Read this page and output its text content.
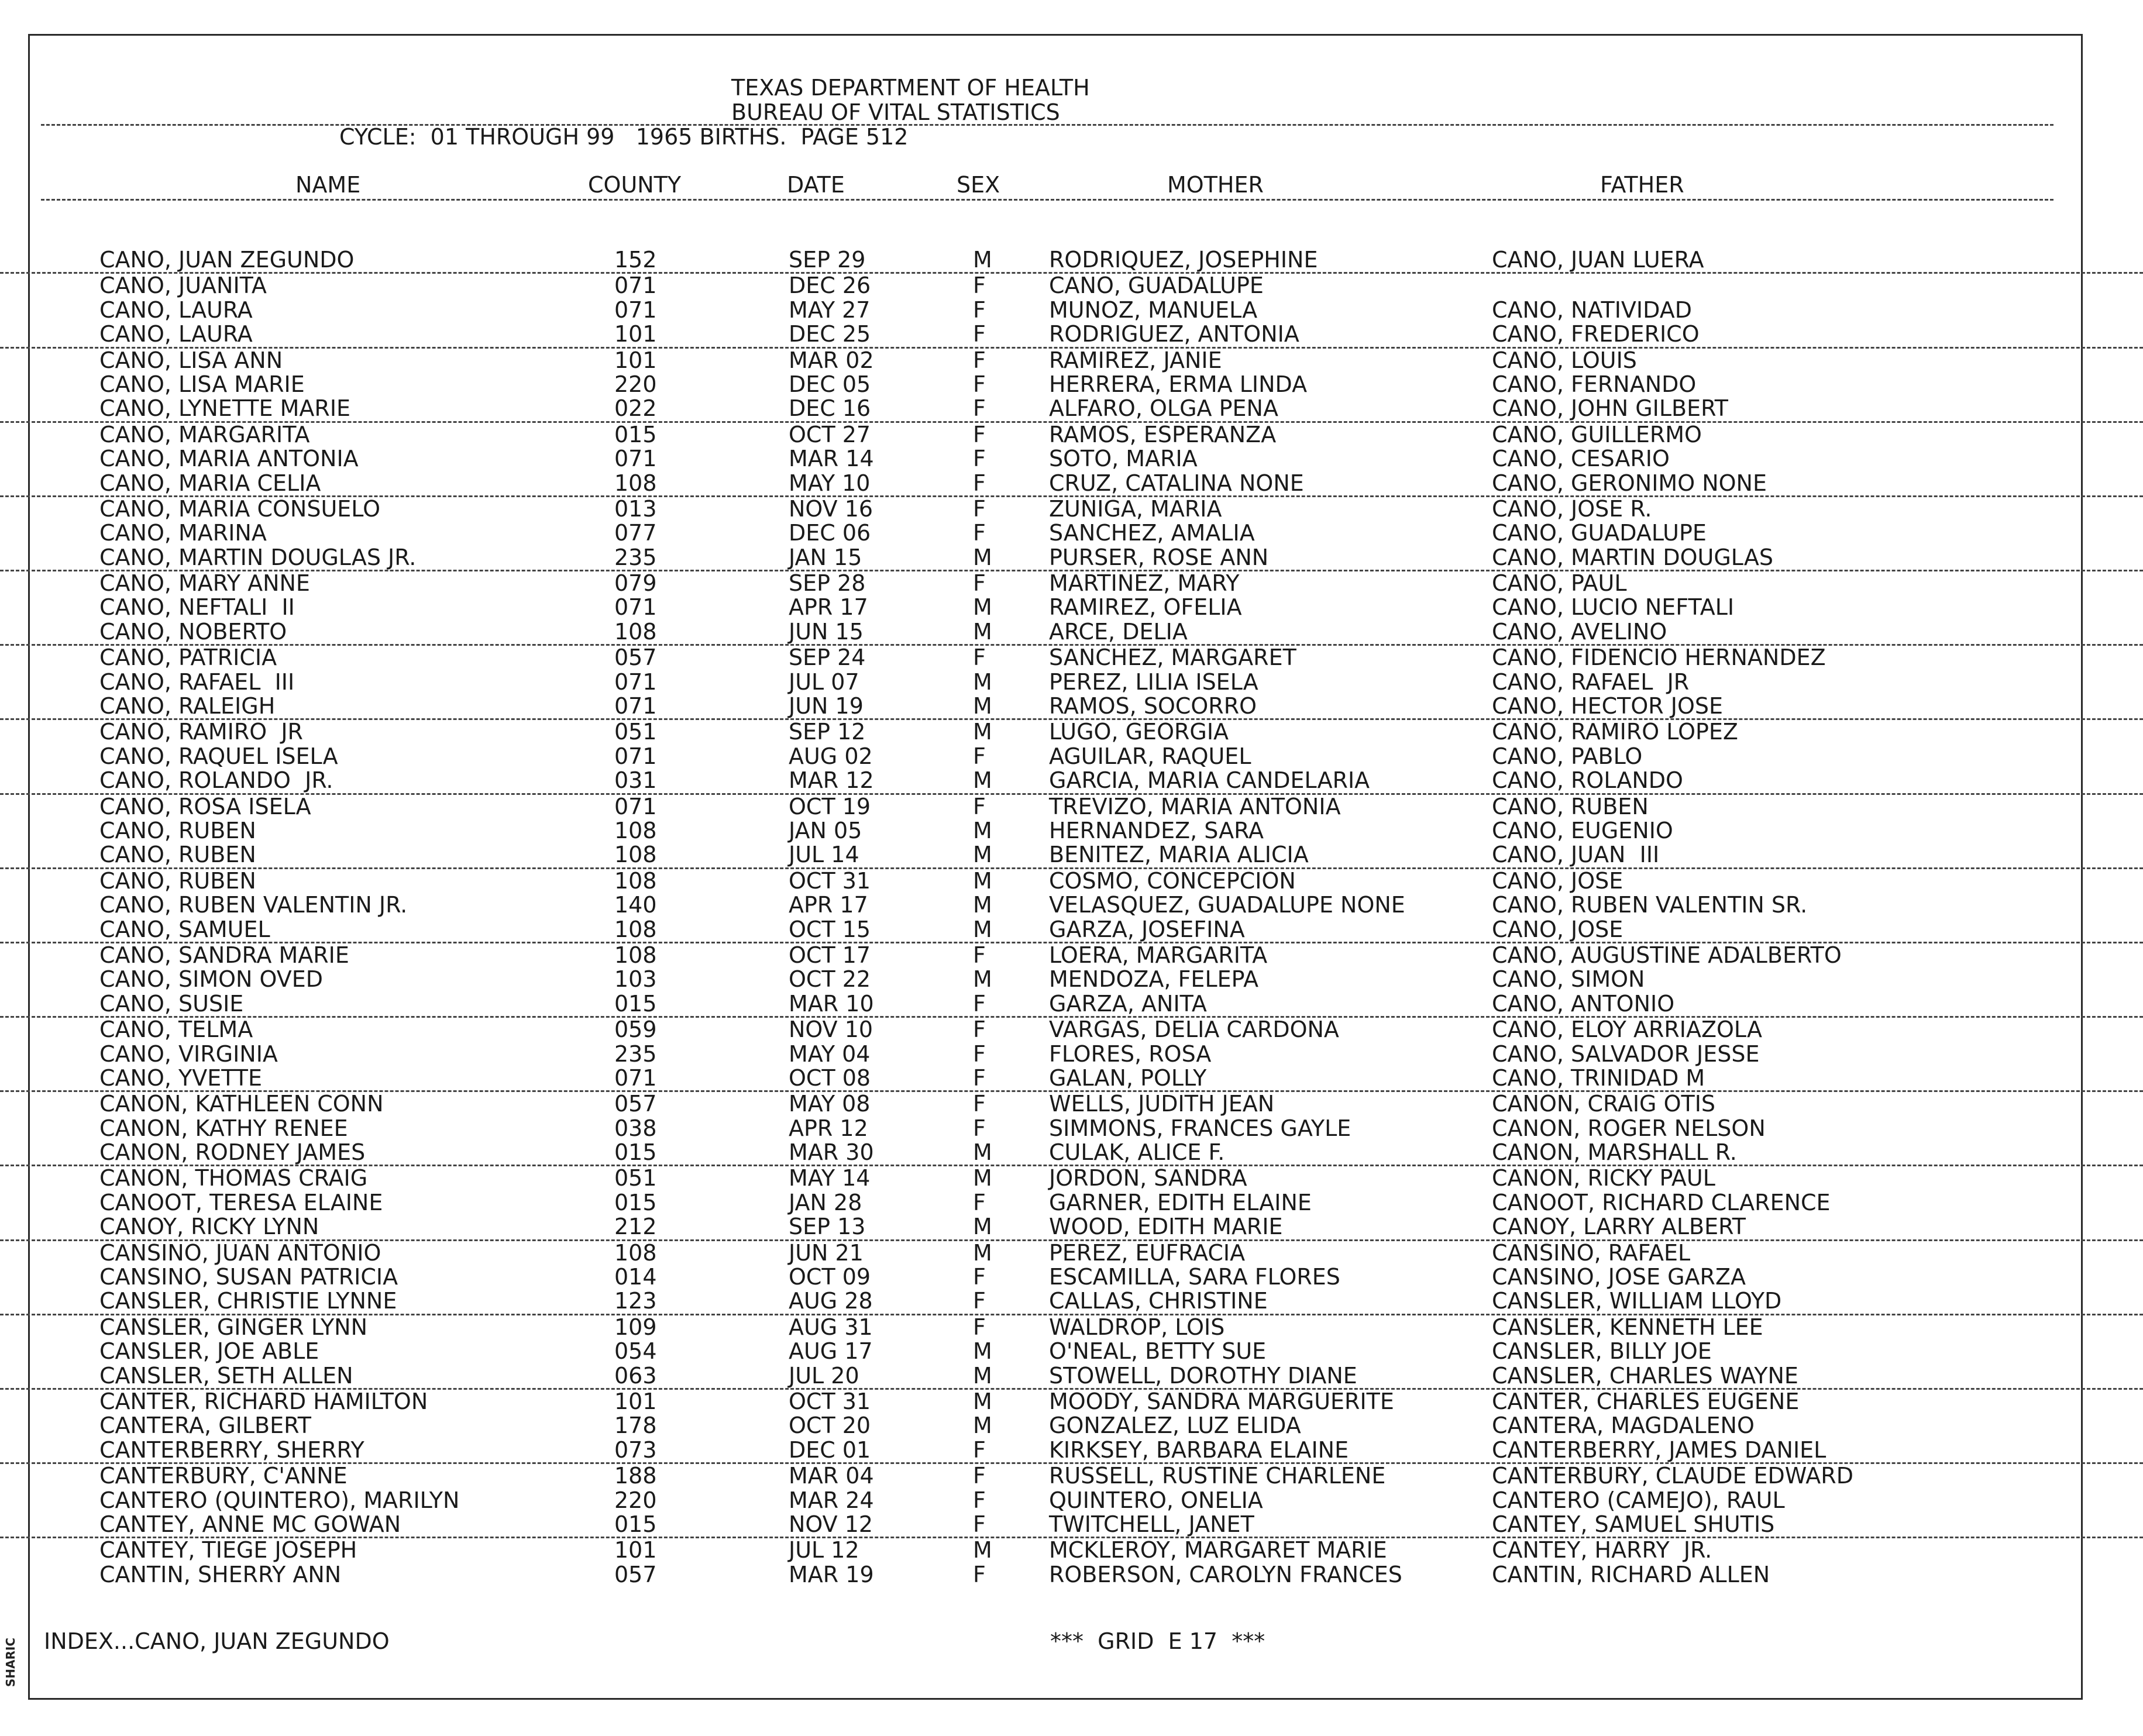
SHARIC
TEXAS DEPARTMENT OF HEALTH
BUREAU OF VITAL STATISTICS
CYCLE:  01 THROUGH 99   1965 BIRTHS.  PAGE 512
NAME	COUNTY	DATE	SEX	MOTHER	FATHER
CANO, JUAN ZEGUNDO	152	SEP 29	M	RODRIQUEZ, JOSEPHINE	CANO, JUAN LUERA
CANO, JUANITA	071	DEC 26	F	CANO, GUADALUPE
CANO, LAURA	071	MAY 27	F	MUNOZ, MANUELA	CANO, NATIVIDAD
CANO, LAURA	101	DEC 25	F	RODRIGUEZ, ANTONIA	CANO, FREDERICO
CANO, LISA ANN	101	MAR 02	F	RAMIREZ, JANIE	CANO, LOUIS
CANO, LISA MARIE	220	DEC 05	F	HERRERA, ERMA LINDA	CANO, FERNANDO
CANO, LYNETTE MARIE	022	DEC 16	F	ALFARO, OLGA PENA	CANO, JOHN GILBERT
CANO, MARGARITA	015	OCT 27	F	RAMOS, ESPERANZA	CANO, GUILLERMO
CANO, MARIA ANTONIA	071	MAR 14	F	SOTO, MARIA	CANO, CESARIO
CANO, MARIA CELIA	108	MAY 10	F	CRUZ, CATALINA NONE	CANO, GERONIMO NONE
CANO, MARIA CONSUELO	013	NOV 16	F	ZUNIGA, MARIA	CANO, JOSE R.
CANO, MARINA	077	DEC 06	F	SANCHEZ, AMALIA	CANO, GUADALUPE
CANO, MARTIN DOUGLAS JR.	235	JAN 15	M	PURSER, ROSE ANN	CANO, MARTIN DOUGLAS
CANO, MARY ANNE	079	SEP 28	F	MARTINEZ, MARY	CANO, PAUL
CANO, NEFTALI  II	071	APR 17	M	RAMIREZ, OFELIA	CANO, LUCIO NEFTALI
CANO, NOBERTO	108	JUN 15	M	ARCE, DELIA	CANO, AVELINO
CANO, PATRICIA	057	SEP 24	F	SANCHEZ, MARGARET	CANO, FIDENCIO HERNANDEZ
CANO, RAFAEL  III	071	JUL 07	M	PEREZ, LILIA ISELA	CANO, RAFAEL  JR
CANO, RALEIGH	071	JUN 19	M	RAMOS, SOCORRO	CANO, HECTOR JOSE
CANO, RAMIRO  JR	051	SEP 12	M	LUGO, GEORGIA	CANO, RAMIRO LOPEZ
CANO, RAQUEL ISELA	071	AUG 02	F	AGUILAR, RAQUEL	CANO, PABLO
CANO, ROLANDO  JR.	031	MAR 12	M	GARCIA, MARIA CANDELARIA	CANO, ROLANDO
CANO, ROSA ISELA	071	OCT 19	F	TREVIZO, MARIA ANTONIA	CANO, RUBEN
CANO, RUBEN	108	JAN 05	M	HERNANDEZ, SARA	CANO, EUGENIO
CANO, RUBEN	108	JUL 14	M	BENITEZ, MARIA ALICIA	CANO, JUAN  III
CANO, RUBEN	108	OCT 31	M	COSMO, CONCEPCION	CANO, JOSE
CANO, RUBEN VALENTIN JR.	140	APR 17	M	VELASQUEZ, GUADALUPE NONE	CANO, RUBEN VALENTIN SR.
CANO, SAMUEL	108	OCT 15	M	GARZA, JOSEFINA	CANO, JOSE
CANO, SANDRA MARIE	108	OCT 17	F	LOERA, MARGARITA	CANO, AUGUSTINE ADALBERTO
CANO, SIMON OVED	103	OCT 22	M	MENDOZA, FELEPA	CANO, SIMON
CANO, SUSIE	015	MAR 10	F	GARZA, ANITA	CANO, ANTONIO
CANO, TELMA	059	NOV 10	F	VARGAS, DELIA CARDONA	CANO, ELOY ARRIAZOLA
CANO, VIRGINIA	235	MAY 04	F	FLORES, ROSA	CANO, SALVADOR JESSE
CANO, YVETTE	071	OCT 08	F	GALAN, POLLY	CANO, TRINIDAD M
CANON, KATHLEEN CONN	057	MAY 08	F	WELLS, JUDITH JEAN	CANON, CRAIG OTIS
CANON, KATHY RENEE	038	APR 12	F	SIMMONS, FRANCES GAYLE	CANON, ROGER NELSON
CANON, RODNEY JAMES	015	MAR 30	M	CULAK, ALICE F.	CANON, MARSHALL R.
CANON, THOMAS CRAIG	051	MAY 14	M	JORDON, SANDRA	CANON, RICKY PAUL
CANOOT, TERESA ELAINE	015	JAN 28	F	GARNER, EDITH ELAINE	CANOOT, RICHARD CLARENCE
CANOY, RICKY LYNN	212	SEP 13	M	WOOD, EDITH MARIE	CANOY, LARRY ALBERT
CANSINO, JUAN ANTONIO	108	JUN 21	M	PEREZ, EUFRACIA	CANSINO, RAFAEL
CANSINO, SUSAN PATRICIA	014	OCT 09	F	ESCAMILLA, SARA FLORES	CANSINO, JOSE GARZA
CANSLER, CHRISTIE LYNNE	123	AUG 28	F	CALLAS, CHRISTINE	CANSLER, WILLIAM LLOYD
CANSLER, GINGER LYNN	109	AUG 31	F	WALDROP, LOIS	CANSLER, KENNETH LEE
CANSLER, JOE ABLE	054	AUG 17	M	O'NEAL, BETTY SUE	CANSLER, BILLY JOE
CANSLER, SETH ALLEN	063	JUL 20	M	STOWELL, DOROTHY DIANE	CANSLER, CHARLES WAYNE
CANTER, RICHARD HAMILTON	101	OCT 31	M	MOODY, SANDRA MARGUERITE	CANTER, CHARLES EUGENE
CANTERA, GILBERT	178	OCT 20	M	GONZALEZ, LUZ ELIDA	CANTERA, MAGDALENO
CANTERBERRY, SHERRY	073	DEC 01	F	KIRKSEY, BARBARA ELAINE	CANTERBERRY, JAMES DANIEL
CANTERBURY, C'ANNE	188	MAR 04	F	RUSSELL, RUSTINE CHARLENE	CANTERBURY, CLAUDE EDWARD
CANTERO (QUINTERO), MARILYN	220	MAR 24	F	QUINTERO, ONELIA	CANTERO (CAMEJO), RAUL
CANTEY, ANNE MC GOWAN	015	NOV 12	F	TWITCHELL, JANET	CANTEY, SAMUEL SHUTIS
CANTEY, TIEGE JOSEPH	101	JUL 12	M	MCKLEROY, MARGARET MARIE	CANTEY, HARRY  JR.
CANTIN, SHERRY ANN	057	MAR 19	F	ROBERSON, CAROLYN FRANCES	CANTIN, RICHARD ALLEN
INDEX...CANO, JUAN ZEGUNDO	***  GRID  E 17  ***
